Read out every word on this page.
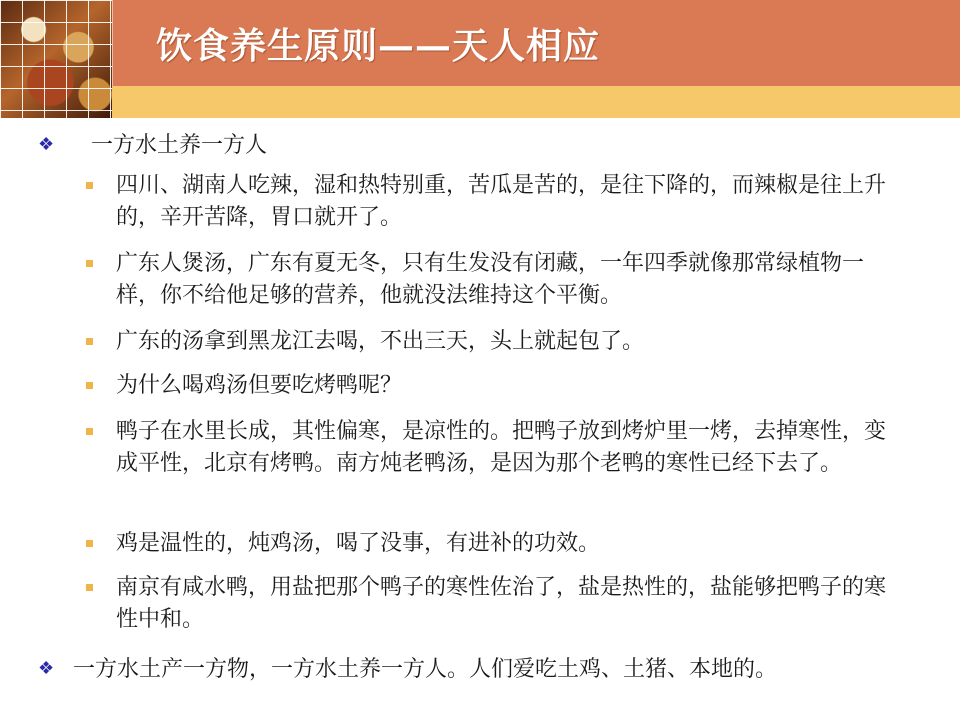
饮食养生原则——天人相应
❖ 一方水土养一方人
四川、湖南人吃辣，湿和热特别重，苦瓜是苦的，是往下降的，而辣椒是往上升的，辛开苦降，胃口就开了。
广东人煲汤，广东有夏无冬，只有生发没有闭藏，一年四季就像那常绿植物一样，你不给他足够的营养，他就没法维持这个平衡。
广东的汤拿到黑龙江去喝，不出三天，头上就起包了。
为什么喝鸡汤但要吃烤鸭呢？
鸭子在水里长成，其性偏寒，是凉性的。把鸭子放到烤炉里一烤，去掉寒性，变成平性，北京有烤鸭。南方炖老鸭汤，是因为那个老鸭的寒性已经下去了。
鸡是温性的，炖鸡汤，喝了没事，有进补的功效。
南京有咸水鸭，用盐把那个鸭子的寒性佐治了，盐是热性的，盐能够把鸭子的寒性中和。
❖ 一方水土产一方物，一方水土养一方人。人们爱吃土鸡、土猪、本地的。
